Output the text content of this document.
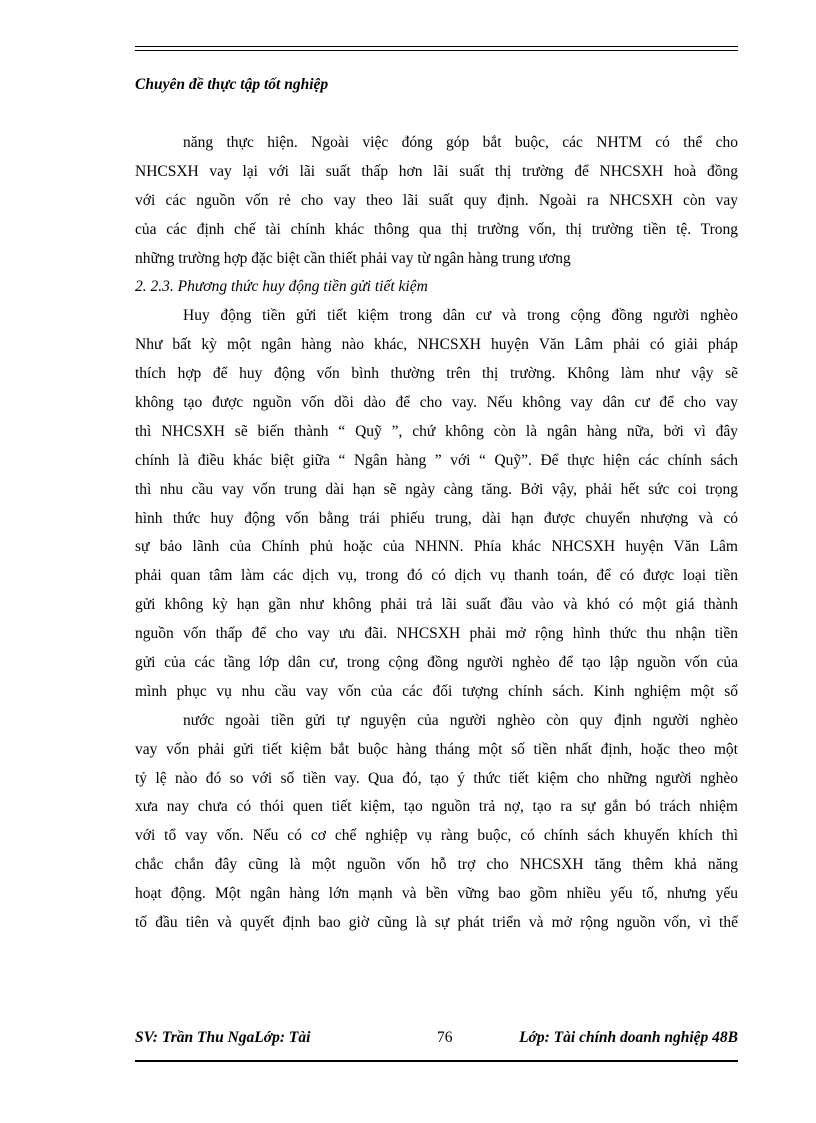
Chuyên đề thực tập tốt nghiệp
năng thực hiện. Ngoài việc đóng góp bắt buộc, các NHTM có thể cho
NHCSXH vay lại với lãi suất thấp hơn lãi suất thị trường để NHCSXH hoà đồng
với các nguồn vốn rẻ cho vay theo lãi suất quy định. Ngoài ra NHCSXH còn vay
của các định chế tài chính khác thông qua thị trường vốn, thị trường tiền tệ. Trong
những trường hợp đặc biệt cần thiết phải vay từ ngân hàng trung ương
2. 2.3. Phương thức huy động tiền gửi tiết kiệm
Huy động tiền gửi tiết kiệm trong dân cư và trong cộng đồng người nghèo
Như bất kỳ một ngân hàng nào khác, NHCSXH huyện Văn Lâm phải có giải pháp
thích hợp để huy động vốn bình thường trên thị trường. Không làm như vậy sẽ
không tạo được nguồn vốn dồi dào để cho vay. Nếu không vay dân cư để cho vay
thì NHCSXH sẽ biến thành “ Quỹ ”, chứ không còn là ngân hàng nữa, bởi vì đây
chính là điều khác biệt giữa “ Ngân hàng ” với “ Quỹ”. Để thực hiện các chính sách
thì nhu cầu vay vốn trung dài hạn sẽ ngày càng tăng. Bởi vậy, phải hết sức coi trọng
hình thức huy động vốn bằng trái phiếu trung, dài hạn được chuyển nhượng và có
sự bảo lãnh của Chính phủ hoặc của NHNN. Phía khác NHCSXH huyện Văn Lâm
phải quan tâm làm các dịch vụ, trong đó có dịch vụ thanh toán, để có được loại tiền
gửi không kỳ hạn gần như không phải trả lãi suất đầu vào và khó có một giá thành
nguồn vốn thấp để cho vay ưu đãi. NHCSXH phải mở rộng hình thức thu nhận tiền
gửi của các tầng lớp dân cư, trong cộng đồng người nghèo để tạo lập nguồn vốn của
mình phục vụ nhu cầu vay vốn của các đối tượng chính sách. Kinh nghiệm một số
nước ngoài tiền gửi tự nguyện của người nghèo còn quy định người nghèo
vay vốn phải gửi tiết kiệm bắt buộc hàng tháng một số tiền nhất định, hoặc theo một
tỷ lệ nào đó so với số tiền vay. Qua đó, tạo ý thức tiết kiệm cho những người nghèo
xưa nay chưa có thói quen tiết kiệm, tạo nguồn trả nợ, tạo ra sự gắn bó trách nhiệm
với tổ vay vốn. Nếu có cơ chế nghiệp vụ ràng buộc, có chính sách khuyến khích thì
chắc chắn đây cũng là một nguồn vốn hỗ trợ cho NHCSXH tăng thêm khả năng
hoạt động. Một ngân hàng lớn mạnh và bền vững bao gồm nhiều yếu tố, nhưng yếu
tố đầu tiên và quyết định bao giờ cũng là sự phát triển và mở rộng nguồn vốn, vì thế
SV: Trần Thu NgaLớp: Tài	76	Lớp: Tài chính doanh nghiệp 48B
